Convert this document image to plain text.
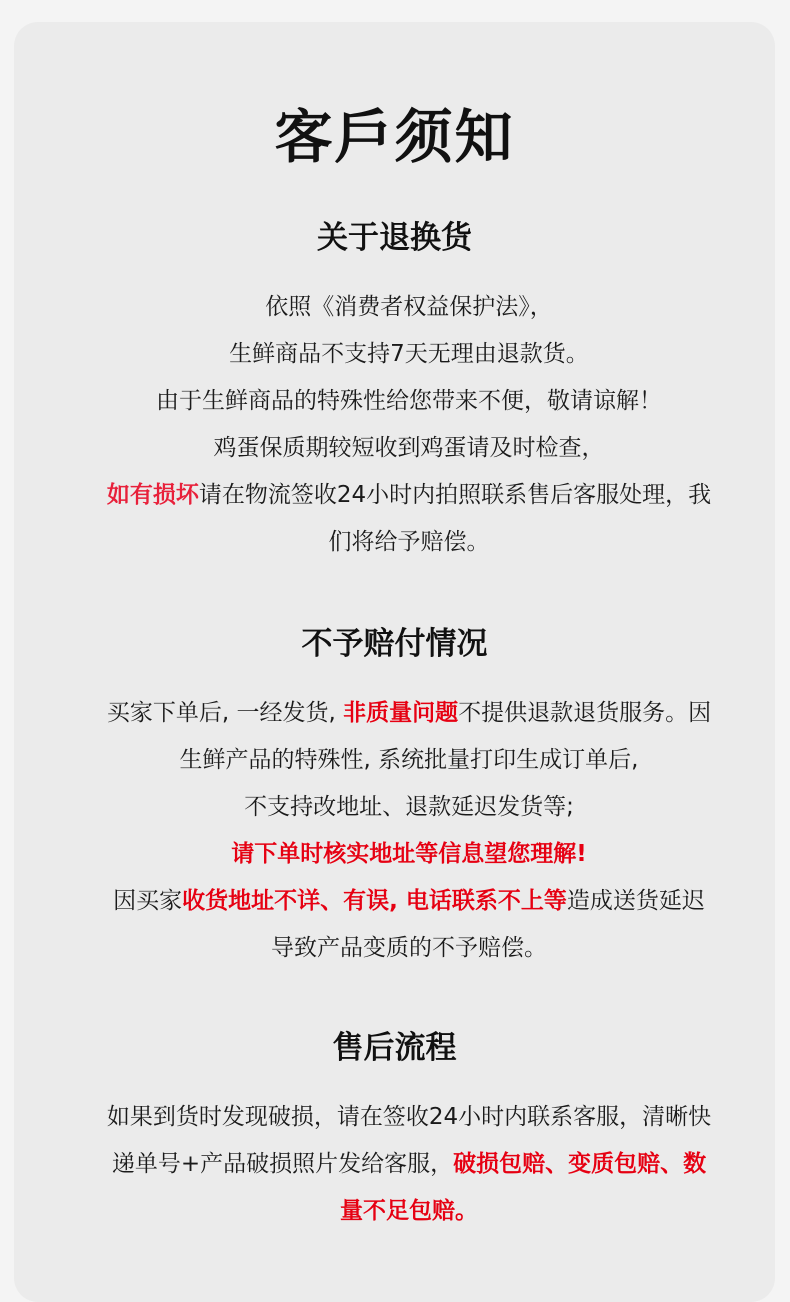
客戶须知
关于退换货
依照《消费者权益保护法》，
生鲜商品不支持7天无理由退款货。
由于生鲜商品的特殊性给您带来不便，敬请谅解！
鸡蛋保质期较短收到鸡蛋请及时检查，
如有损坏请在物流签收24小时内拍照联系售后客服处理，我
们将给予赔偿。
不予赔付情况
买家下单后, 一经发货, 非质量问题不提供退款退货服务。因
生鲜产品的特殊性, 系统批量打印生成订单后,
不支持改地址、退款延迟发货等;
请下单时核实地址等信息望您理解!
因买家收货地址不详、有误, 电话联系不上等造成送货延迟
导致产品变质的不予赔偿。
售后流程
如果到货时发现破损，请在签收24小时内联系客服，清晰快
递单号+产品破损照片发给客服，破损包赔、变质包赔、数
量不足包赔。
